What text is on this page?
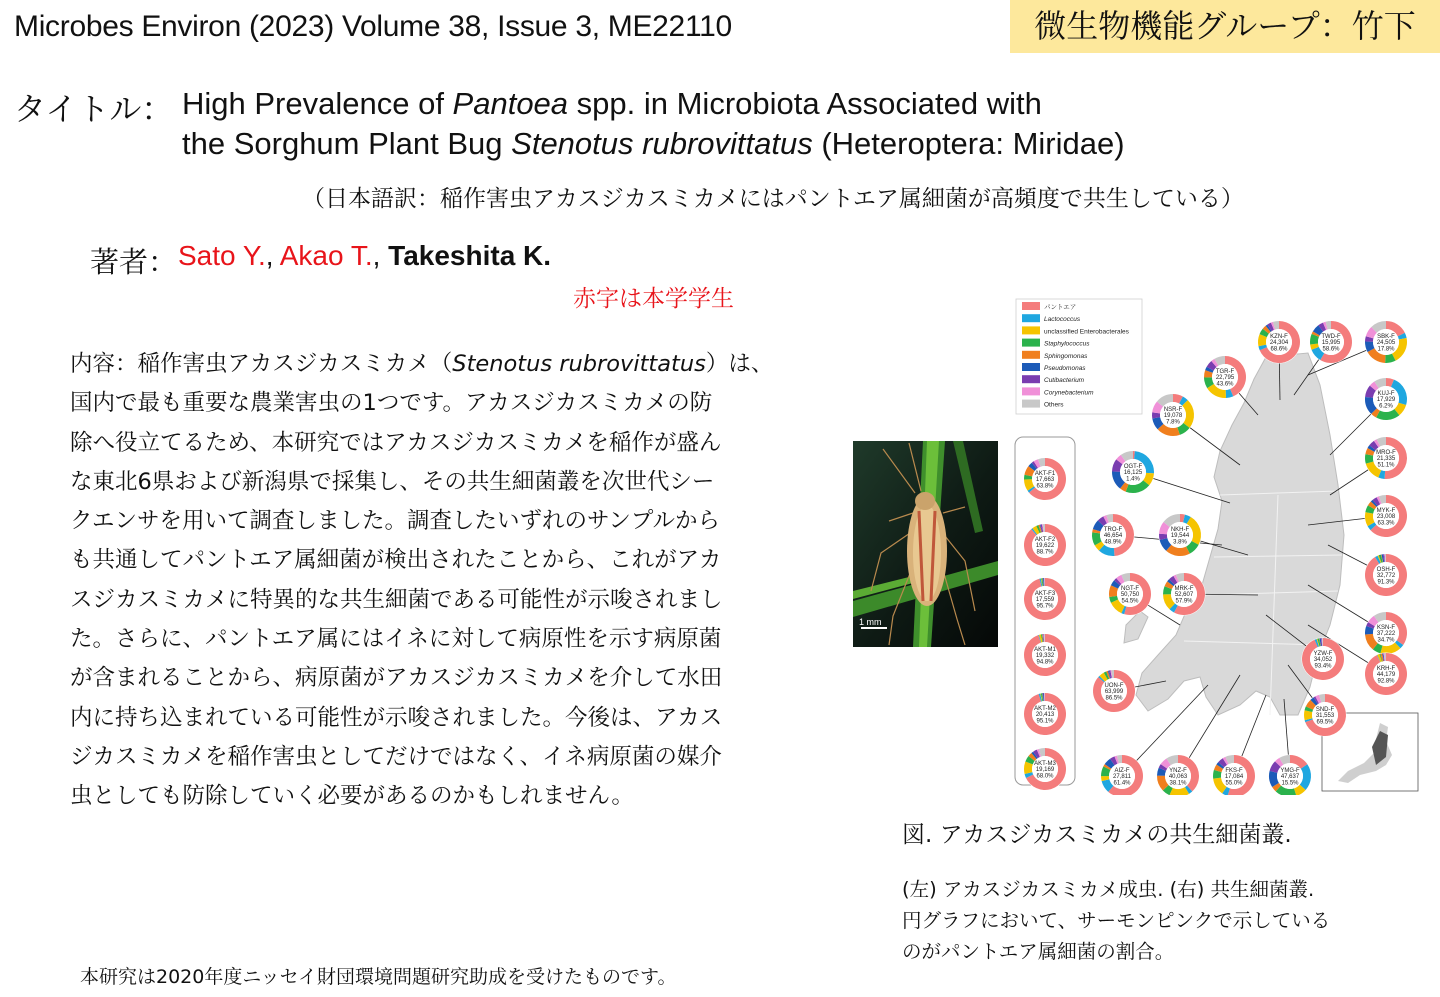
Microbes Environ (2023) Volume 38, Issue 3, ME22110	微生物機能グループ：竹下
タイトル： High Prevalence of Pantoea spp. in Microbiota Associated with
the Sorghum Plant Bug Stenotus rubrovittatus (Heteroptera: Miridae)
（日本語訳：稲作害虫アカスジカスミカメにはパントエア属細菌が高頻度で共生している）
著者： Sato Y., Akao T., Takeshita K.
赤字は本学学生

内容：稲作害虫アカスジカスミカメ（Stenotus rubrovittatus）は、

国内で最も重要な農業害虫の1つです。アカスジカスミカメの防

除へ役立てるため、本研究ではアカスジカスミカメを稲作が盛ん

な東北6県および新潟県で採集し、その共生細菌叢を次世代シー

クエンサを用いて調査しました。調査したいずれのサンプルから

も共通してパントエア属細菌が検出されたことから、これがアカ

スジカスミカメに特異的な共生細菌である可能性が示唆されまし

た。さらに、パントエア属にはイネに対して病原性を示す病原菌

が含まれることから、病原菌がアカスジカスミカメを介して水田

内に持ち込まれている可能性が示唆されました。今後は、アカス

ジカスミカメを稲作害虫としてだけではなく、イネ病原菌の媒介

虫としても防除していく必要があるのかもしれません。

本研究は2020年度ニッセイ財団環境問題研究助成を受けたものです。
1 mm
パントエア
Lactococcus
unclassified Enterobacterales
Staphylococcus
Sphingomonas
Pseudomonas
Cutibacterium
Corynebacterium
Others
KZN-F
24,304
68.6%
TWD-F
15,995
58.6%
SBK-F
24,505
17.8%
TGR-F
22,795
43.6%
KUJ-F
17,929
6.2%
NSR-F
19,078
7.8%
MRO-F
21,335
51.1%
OGT-F
16,125
1.4%
AKT-F1
17,663
63.8%
MYK-F
23,008
63.3%
TRO-F
46,654
48.9%
NKH-F
19,544
3.8%
AKT-F2
19,622
88.7%
OSH-F
32,772
91.3%
NGT-F
50,750
54.5%
MRK-F
52,607
57.9%
AKT-F3
17,559
95.7%
KSN-F
37,222
34.7%
AKT-M1
19,332
94.8%
YZW-F
34,052
93.4%	KRH-F
44,179
92.8%
UON-F
63,999
86.5%
AKT-M2
20,413
95.1%
SND-F
31,553
69.5%
AKT-M3
19,169
68.0%
AIZ-F
27,811
61.4%
YNZ-F
40,063
38.1%
FKS-F
17,084
55.0%
YMG-F
47,637
15.5%
図. アカスジカスミカメの共生細菌叢.
(左) アカスジカスミカメ成虫. (右) 共生細菌叢.
円グラフにおいて、サーモンピンクで示している
のがパントエア属細菌の割合。
